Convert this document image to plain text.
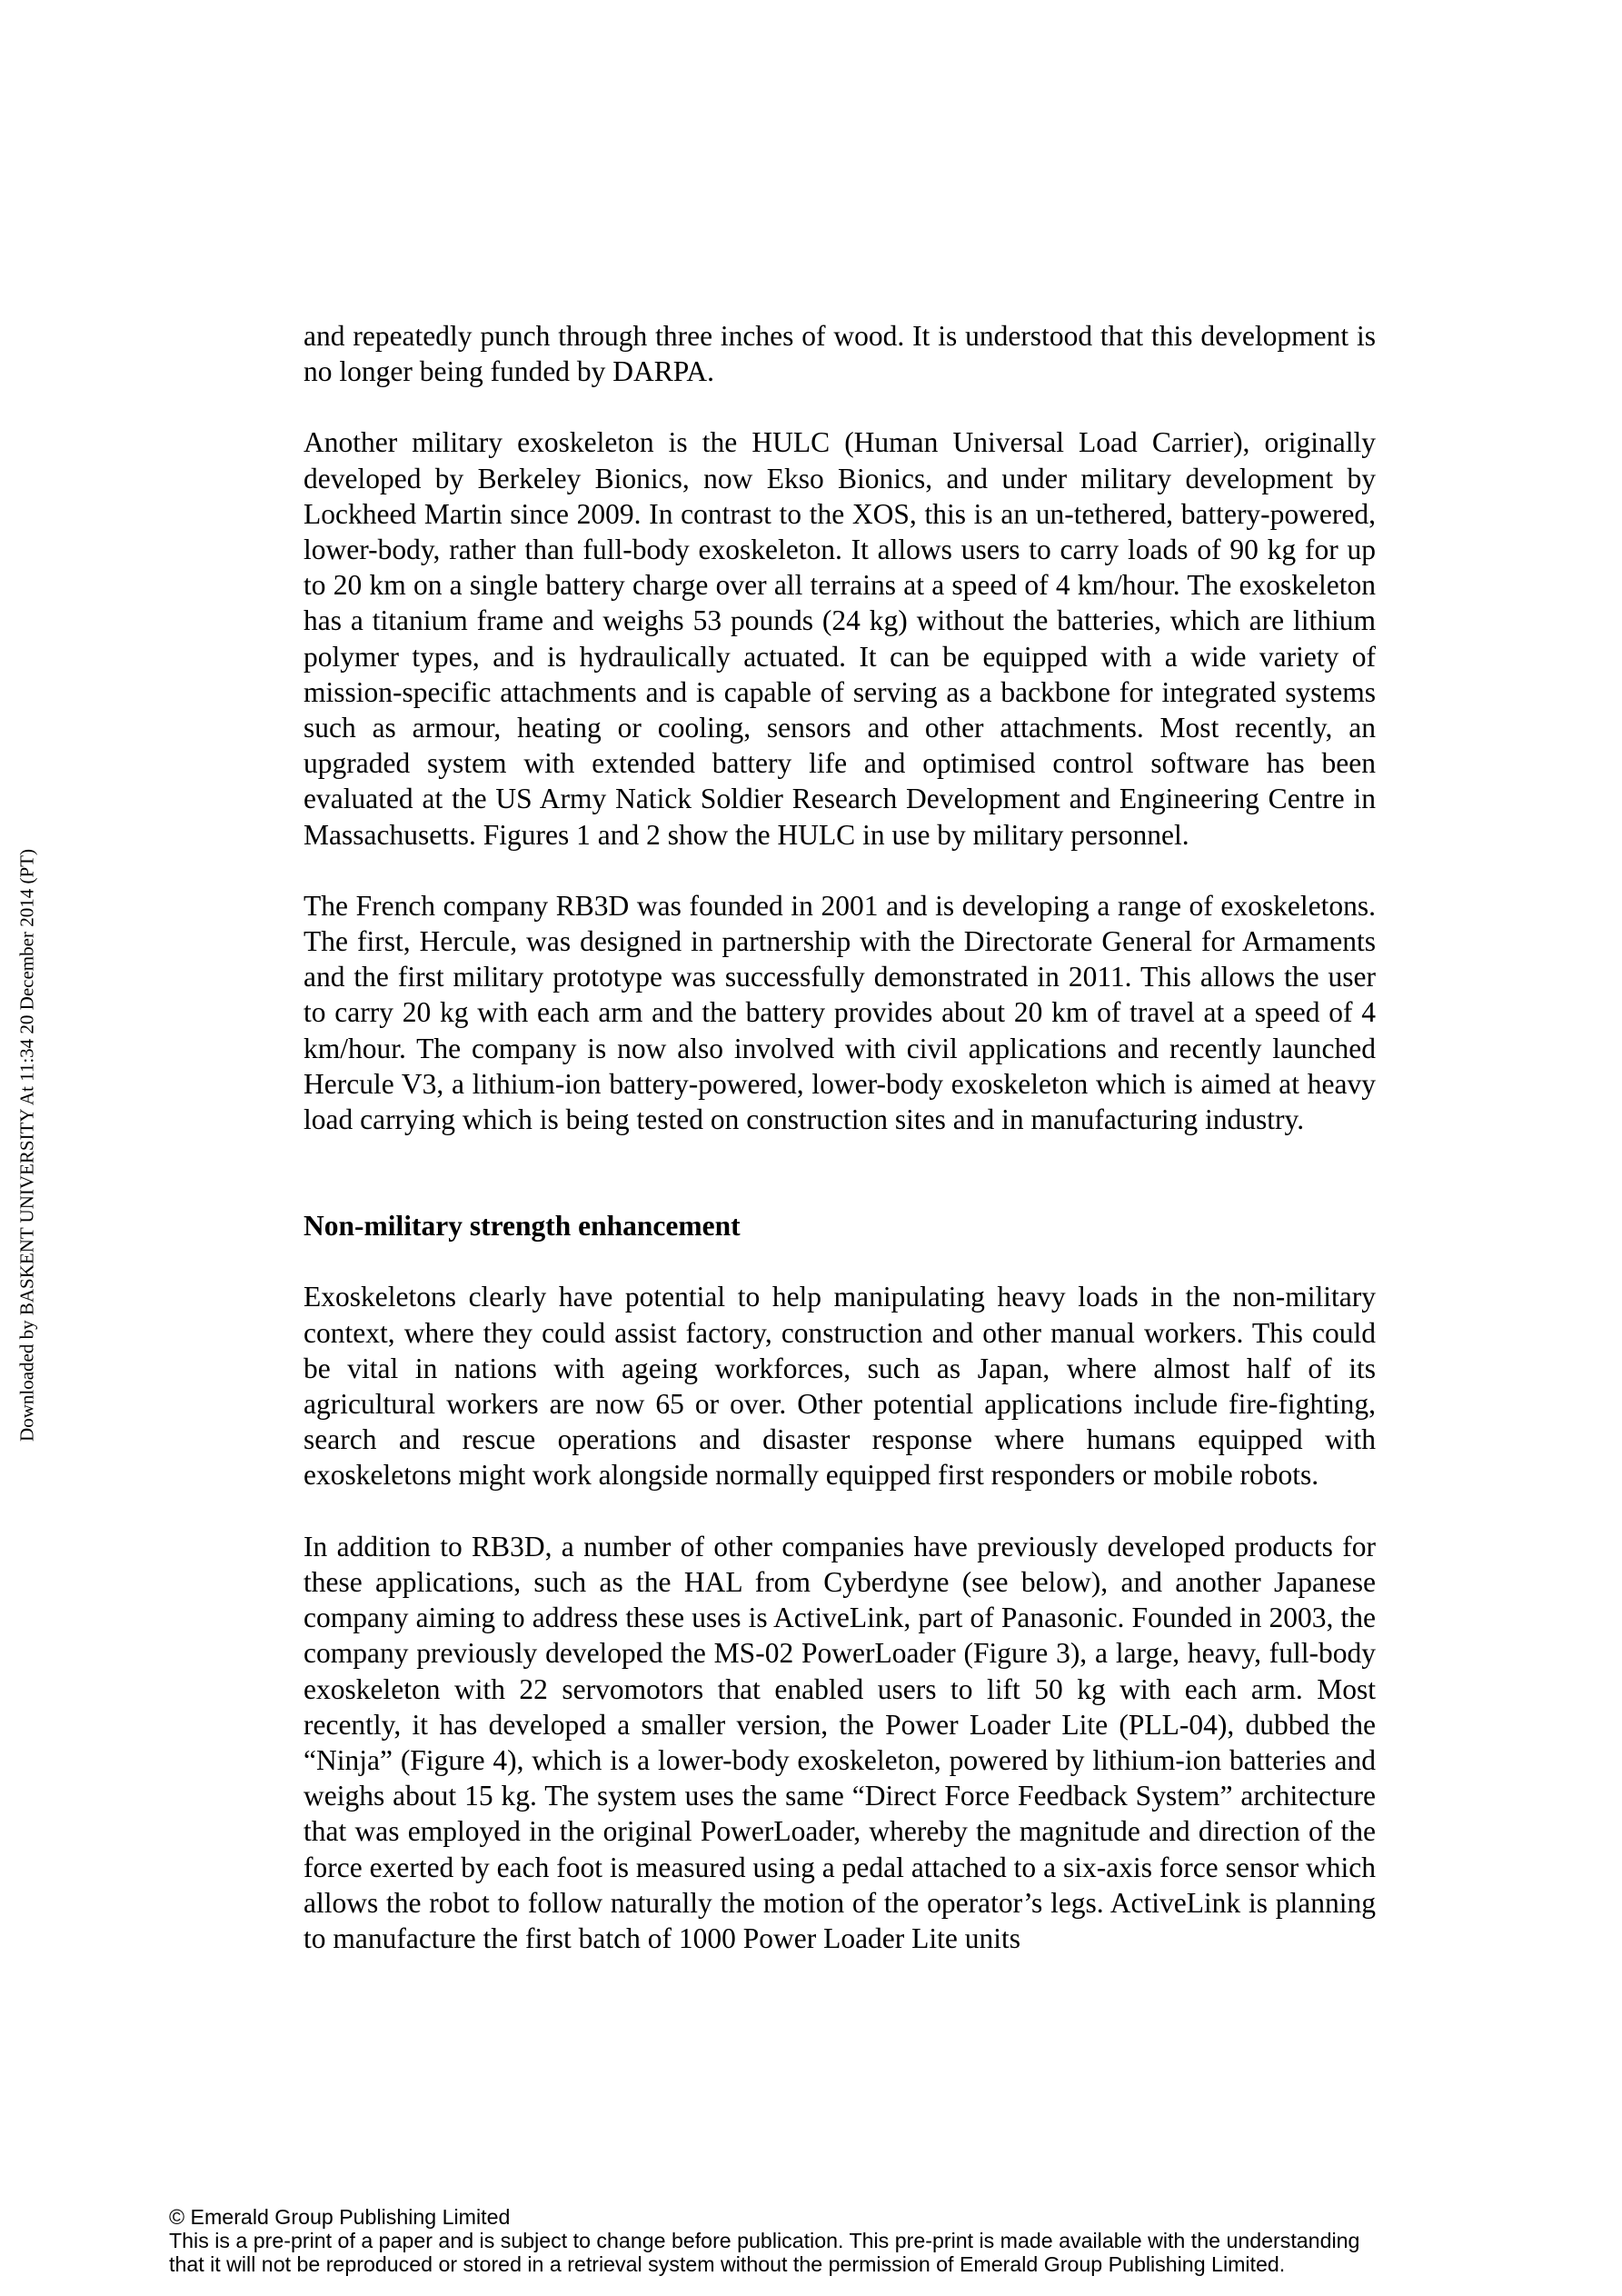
Downloaded by BASKENT UNIVERSITY At 11:34 20 December 2014 (PT)

and repeatedly punch through three inches of wood. It is understood that this development is no longer being funded by DARPA.

Another military exoskeleton is the HULC (Human Universal Load Carrier), originally developed by Berkeley Bionics, now Ekso Bionics, and under military development by Lockheed Martin since 2009. In contrast to the XOS, this is an un-tethered, battery-powered, lower-body, rather than full-body exoskeleton. It allows users to carry loads of 90 kg for up to 20 km on a single battery charge over all terrains at a speed of 4 km/hour. The exoskeleton has a titanium frame and weighs 53 pounds (24 kg) without the batteries, which are lithium polymer types, and is hydraulically actuated. It can be equipped with a wide variety of mission-specific attachments and is capable of serving as a backbone for integrated systems such as armour, heating or cooling, sensors and other attachments. Most recently, an upgraded system with extended battery life and optimised control software has been evaluated at the US Army Natick Soldier Research Development and Engineering Centre in Massachusetts. Figures 1 and 2 show the HULC in use by military personnel.

The French company RB3D was founded in 2001 and is developing a range of exoskeletons. The first, Hercule, was designed in partnership with the Directorate General for Armaments and the first military prototype was successfully demonstrated in 2011. This allows the user to carry 20 kg with each arm and the battery provides about 20 km of travel at a speed of 4 km/hour. The company is now also involved with civil applications and recently launched Hercule V3, a lithium-ion battery-powered, lower-body exoskeleton which is aimed at heavy load carrying which is being tested on construction sites and in manufacturing industry.

Non-military strength enhancement

Exoskeletons clearly have potential to help manipulating heavy loads in the non-military context, where they could assist factory, construction and other manual workers. This could be vital in nations with ageing workforces, such as Japan, where almost half of its agricultural workers are now 65 or over. Other potential applications include fire-fighting, search and rescue operations and disaster response where humans equipped with exoskeletons might work alongside normally equipped first responders or mobile robots.

In addition to RB3D, a number of other companies have previously developed products for these applications, such as the HAL from Cyberdyne (see below), and another Japanese company aiming to address these uses is ActiveLink, part of Panasonic. Founded in 2003, the company previously developed the MS-02 PowerLoader (Figure 3), a large, heavy, full-body exoskeleton with 22 servomotors that enabled users to lift 50 kg with each arm. Most recently, it has developed a smaller version, the Power Loader Lite (PLL-04), dubbed the “Ninja” (Figure 4), which is a lower-body exoskeleton, powered by lithium-ion batteries and weighs about 15 kg. The system uses the same “Direct Force Feedback System” architecture that was employed in the original PowerLoader, whereby the magnitude and direction of the force exerted by each foot is measured using a pedal attached to a six-axis force sensor which allows the robot to follow naturally the motion of the operator’s legs. ActiveLink is planning to manufacture the first batch of 1000 Power Loader Lite units

© Emerald Group Publishing Limited

This is a pre-print of a paper and is subject to change before publication. This pre-print is made available with the understanding

that it will not be reproduced or stored in a retrieval system without the permission of Emerald Group Publishing Limited.
